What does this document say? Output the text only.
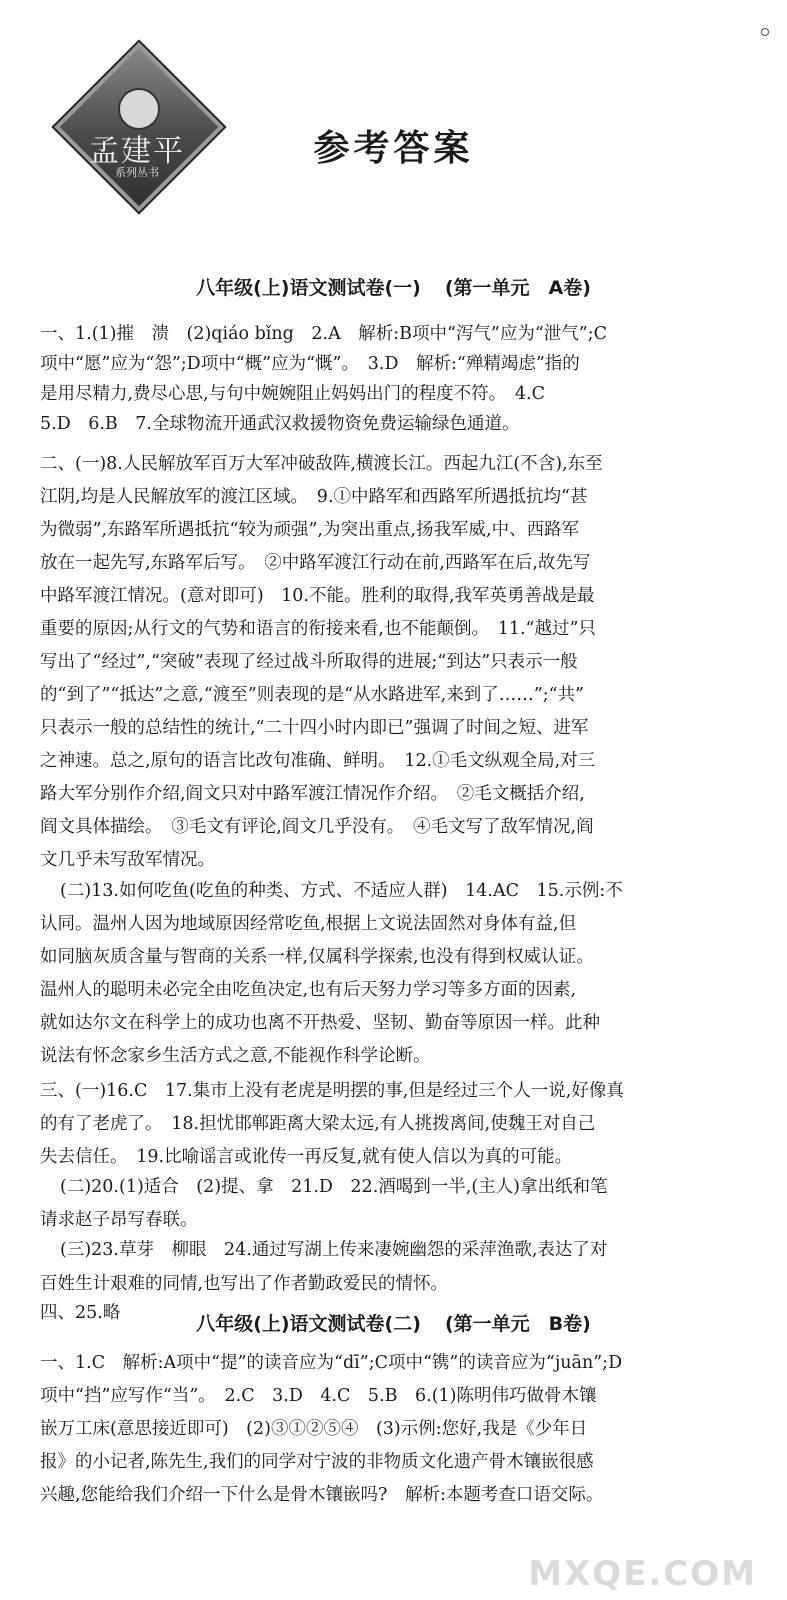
孟建平
系列丛书
参考答案
八年级(上)语文测试卷(一) (第一单元　 A卷)
一、1.(1)摧　溃　(2)qiáo bǐng　2.A　解析:B项中“泻气”应为“泄气”;C
项中“愿”应为“怨”;D项中“概”应为“慨”。　3.D　解析:“殚精竭虑”指的
是用尽精力,费尽心思,与句中婉婉阻止妈妈出门的程度不符。　4.C
5.D　6.B　7.全球物流开通武汉救援物资免费运输绿色通道。
二、(一)8.人民解放军百万大军冲破敌阵,横渡长江。西起九江(不含),东至
江阴,均是人民解放军的渡江区域。　9.①中路军和西路军所遇抵抗均“甚
为微弱”,东路军所遇抵抗“较为顽强”,为突出重点,扬我军威,中、西路军
放在一起先写,东路军后写。　②中路军渡江行动在前,西路军在后,故先写
中路军渡江情况。(意对即可)　10.不能。胜利的取得,我军英勇善战是最
重要的原因;从行文的气势和语言的衔接来看,也不能颠倒。　11.“越过”只
写出了“经过”,“突破”表现了经过战斗所取得的进展;“到达”只表示一般
的“到了”“抵达”之意,“渡至”则表现的是“从水路进军,来到了……”;“共”
只表示一般的总结性的统计,“二十四小时内即已”强调了时间之短、进军
之神速。总之,原句的语言比改句准确、鲜明。　12.①毛文纵观全局,对三
路大军分别作介绍,阎文只对中路军渡江情况作介绍。　②毛文概括介绍,
阎文具体描绘。　③毛文有评论,阎文几乎没有。　④毛文写了敌军情况,阎
文几乎未写敌军情况。
(二)13.如何吃鱼(吃鱼的种类、方式、不适应人群)　14.AC　15.示例:不
认同。温州人因为地域原因经常吃鱼,根据上文说法固然对身体有益,但
如同脑灰质含量与智商的关系一样,仅属科学探索,也没有得到权威认证。
温州人的聪明未必完全由吃鱼决定,也有后天努力学习等多方面的因素,
就如达尔文在科学上的成功也离不开热爱、坚韧、勤奋等原因一样。此种
说法有怀念家乡生活方式之意,不能视作科学论断。
三、(一)16.C　17.集市上没有老虎是明摆的事,但是经过三个人一说,好像真
的有了老虎了。　18.担忧邯郸距离大梁太远,有人挑拨离间,使魏王对自己
失去信任。　19.比喻谣言或讹传一再反复,就有使人信以为真的可能。
(二)20.(1)适合　(2)提、拿　21.D　22.酒喝到一半,(主人)拿出纸和笔
请求赵子昂写春联。
(三)23.草芽　柳眼　24.通过写湖上传来凄婉幽怨的采萍渔歌,表达了对
百姓生计艰难的同情,也写出了作者勤政爱民的情怀。
四、25.略	八年级(上)语文测试卷(二) (第一单元　 B卷)
一、1.C　解析:A项中“提”的读音应为“dī”;C项中“镌”的读音应为“juān”;D
项中“挡”应写作“当”。　2.C　3.D　4.C　5.B　6.(1)陈明伟巧做骨木镶
嵌万工床(意思接近即可)　(2)③①②⑤④　(3)示例:您好,我是《少年日
报》的小记者,陈先生,我们的同学对宁波的非物质文化遗产骨木镶嵌很感
兴趣,您能给我们介绍一下什么是骨木镶嵌吗?　解析:本题考查口语交际。
MXQE.COM
